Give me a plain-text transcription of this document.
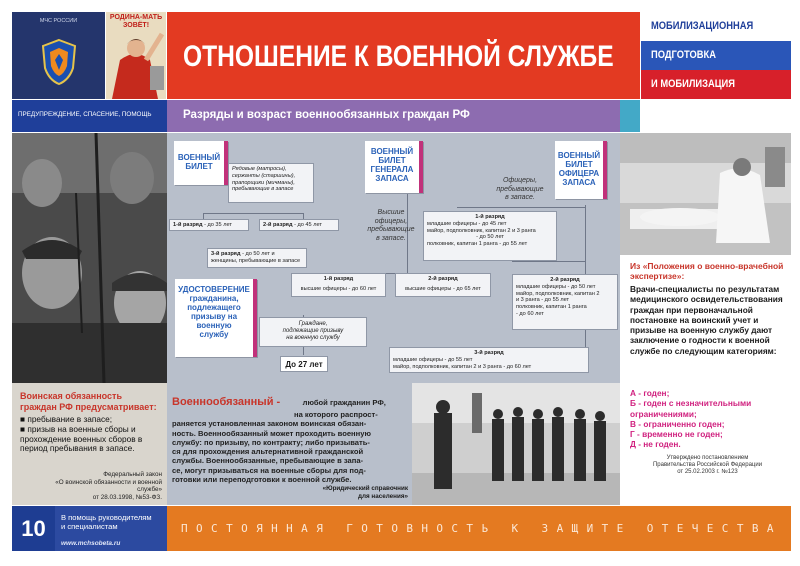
МЧС РОССИИ	РОДИНА-МАТЬ ЗОВЁТ!
ОТНОШЕНИЕ К ВОЕННОЙ СЛУЖБЕ
МОБИЛИЗАЦИОННАЯ
ПОДГОТОВКА
И МОБИЛИЗАЦИЯ
ПРЕДУПРЕЖДЕНИЕ, СПАСЕНИЕ, ПОМОЩЬ	Разряды и возраст военнообязанных граждан РФ
Воинская обязанность граждан РФ предусматривает:
■ пребывание в запасе;
■ призыв на военные сборы и прохождение военных сборов в период пребывания в запасе.
Федеральный закон
«О воинской обязанности и военной
службе»
от 28.03.1998, №53-ФЗ.
ВОЕННЫЙ
БИЛЕТ	Рядовые (матросы),
сержанты (старшины),
прапорщики (мичманы),
пребывающие в запасе
1-й разряд - до 35 лет	2-й разряд - до 45 лет
3-й разряд - до 50 лет и
женщины, пребывающие в запасе
ВОЕННЫЙ
БИЛЕТ
ГЕНЕРАЛА
ЗАПАСА
Высшие
офицеры,
пребывающие
в запасе.
1-й разряд
высшие офицеры - до 60 лет
2-й разряд
высшие офицеры - до 65 лет
Офицеры,
пребывающие
в запасе.
ВОЕННЫЙ
БИЛЕТ
ОФИЦЕРА
ЗАПАСА
1-й разряд
младшие офицеры - до 45 лет
майор, подполковник, капитан 2 и 3 ранга
- до 50 лет
полковник, капитан 1 ранга - до 55 лет
2-й разряд
младшие офицеры - до 50 лет
майор, подполковник, капитан 2
и 3 ранга - до 55 лет
полковник, капитан 1 ранга
- до 60 лет
3-й разряд
младшие офицеры - до 55 лет
майор, подполковник, капитан 2 и 3 ранга - до 60 лет
УДОСТОВЕРЕНИЕ
гражданина,
подлежащего
призыву на
военную
службу
Граждане,
подлежащие призыву
на военную службу
До 27 лет
Военнообязанный -	любой гражданин РФ,
на которого распрост-
раняется установленная законом воинская обязан-
ность. Военнообязанный может проходить военную
службу: по призыву, по контракту; либо призывать-
ся для прохождения альтернативной гражданской
службы. Военнообязанные, пребывающие в запа-
се, могут призываться на военные сборы для под-
готовки или переподготовки к военной службе.
«Юридический справочник
для населения»
Из «Положения о военно-врачебной экспертизе»:
Врачи-специалисты по результатам медицинского освидетельствования граждан при первоначальной постановке на воинский учет и призыве на военную службу дают заключение о годности к военной службе по следующим категориям:
А - годен;
Б - годен с незначительными ограничениями;
В - ограниченно годен;
Г - временно не годен;
Д - не годен.
Утверждено постановлением
Правительства Российской Федерации
от 25.02.2003 г. №123
10	В помощь руководителям
и специалистам
www.mchsobeta.ru
ПОСТОЯННАЯ ГОТОВНОСТЬ К ЗАЩИТЕ ОТЕЧЕСТВА
